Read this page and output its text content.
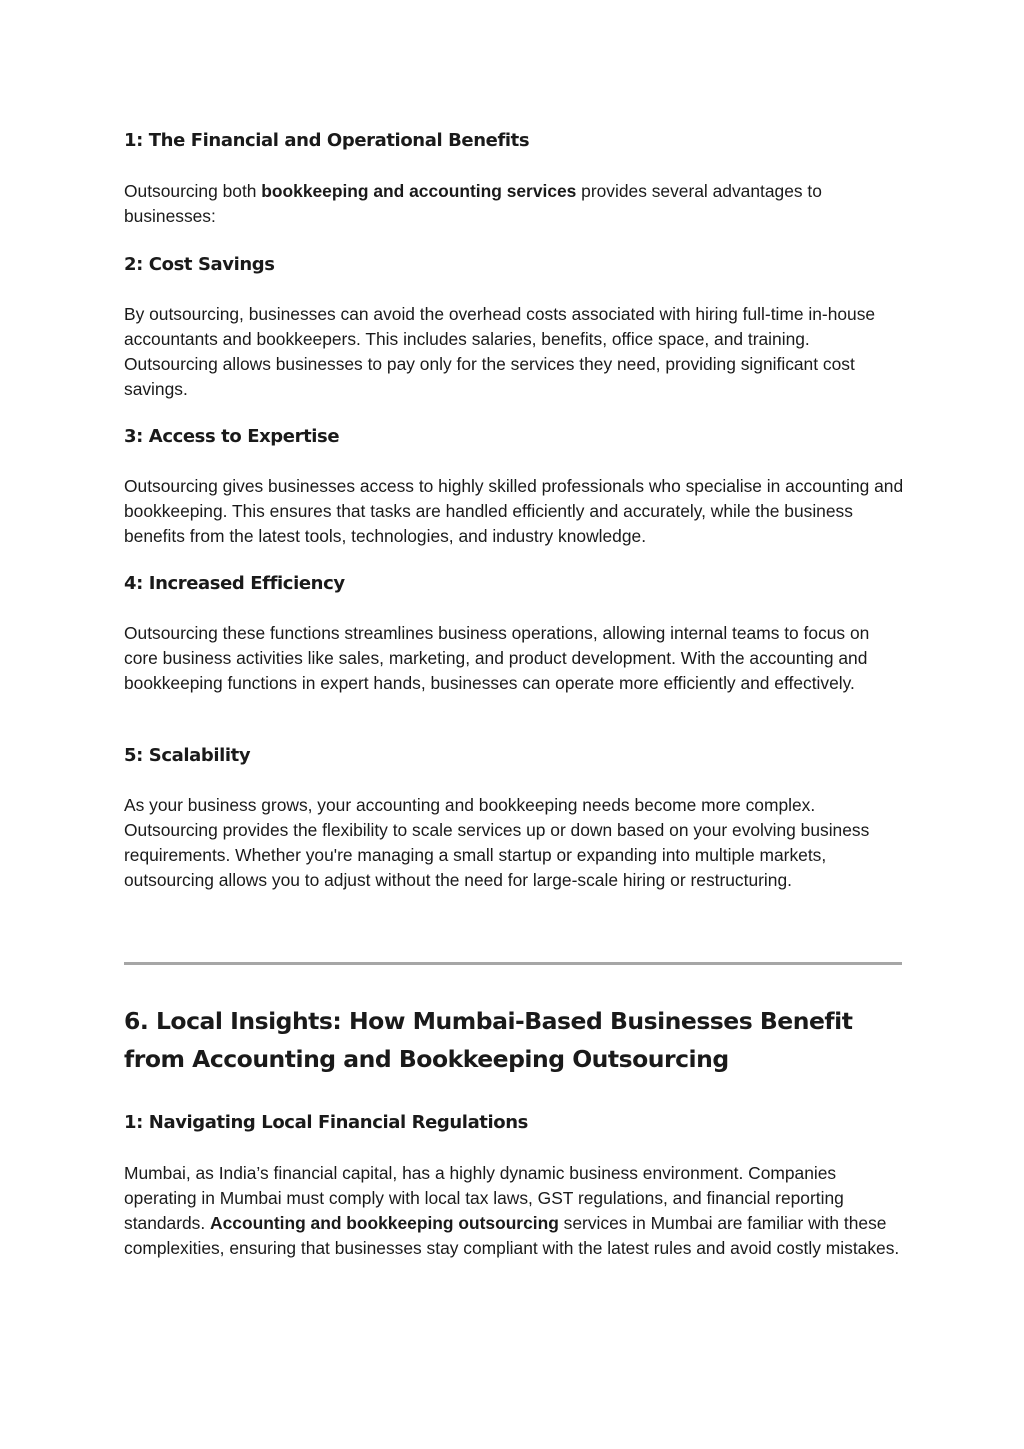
1: The Financial and Operational Benefits

Outsourcing both bookkeeping and accounting services provides several advantages to businesses:

2: Cost Savings

By outsourcing, businesses can avoid the overhead costs associated with hiring full-time in-house accountants and bookkeepers. This includes salaries, benefits, office space, and training. Outsourcing allows businesses to pay only for the services they need, providing significant cost savings.

3: Access to Expertise

Outsourcing gives businesses access to highly skilled professionals who specialise in accounting and bookkeeping. This ensures that tasks are handled efficiently and accurately, while the business benefits from the latest tools, technologies, and industry knowledge.

4: Increased Efficiency

Outsourcing these functions streamlines business operations, allowing internal teams to focus on core business activities like sales, marketing, and product development. With the accounting and bookkeeping functions in expert hands, businesses can operate more efficiently and effectively.

5: Scalability

As your business grows, your accounting and bookkeeping needs become more complex. Outsourcing provides the flexibility to scale services up or down based on your evolving business requirements. Whether you're managing a small startup or expanding into multiple markets, outsourcing allows you to adjust without the need for large-scale hiring or restructuring.

6. Local Insights: How Mumbai-Based Businesses Benefit from Accounting and Bookkeeping Outsourcing
1: Navigating Local Financial Regulations

Mumbai, as India’s financial capital, has a highly dynamic business environment. Companies operating in Mumbai must comply with local tax laws, GST regulations, and financial reporting standards. Accounting and bookkeeping outsourcing services in Mumbai are familiar with these complexities, ensuring that businesses stay compliant with the latest rules and avoid costly mistakes.
